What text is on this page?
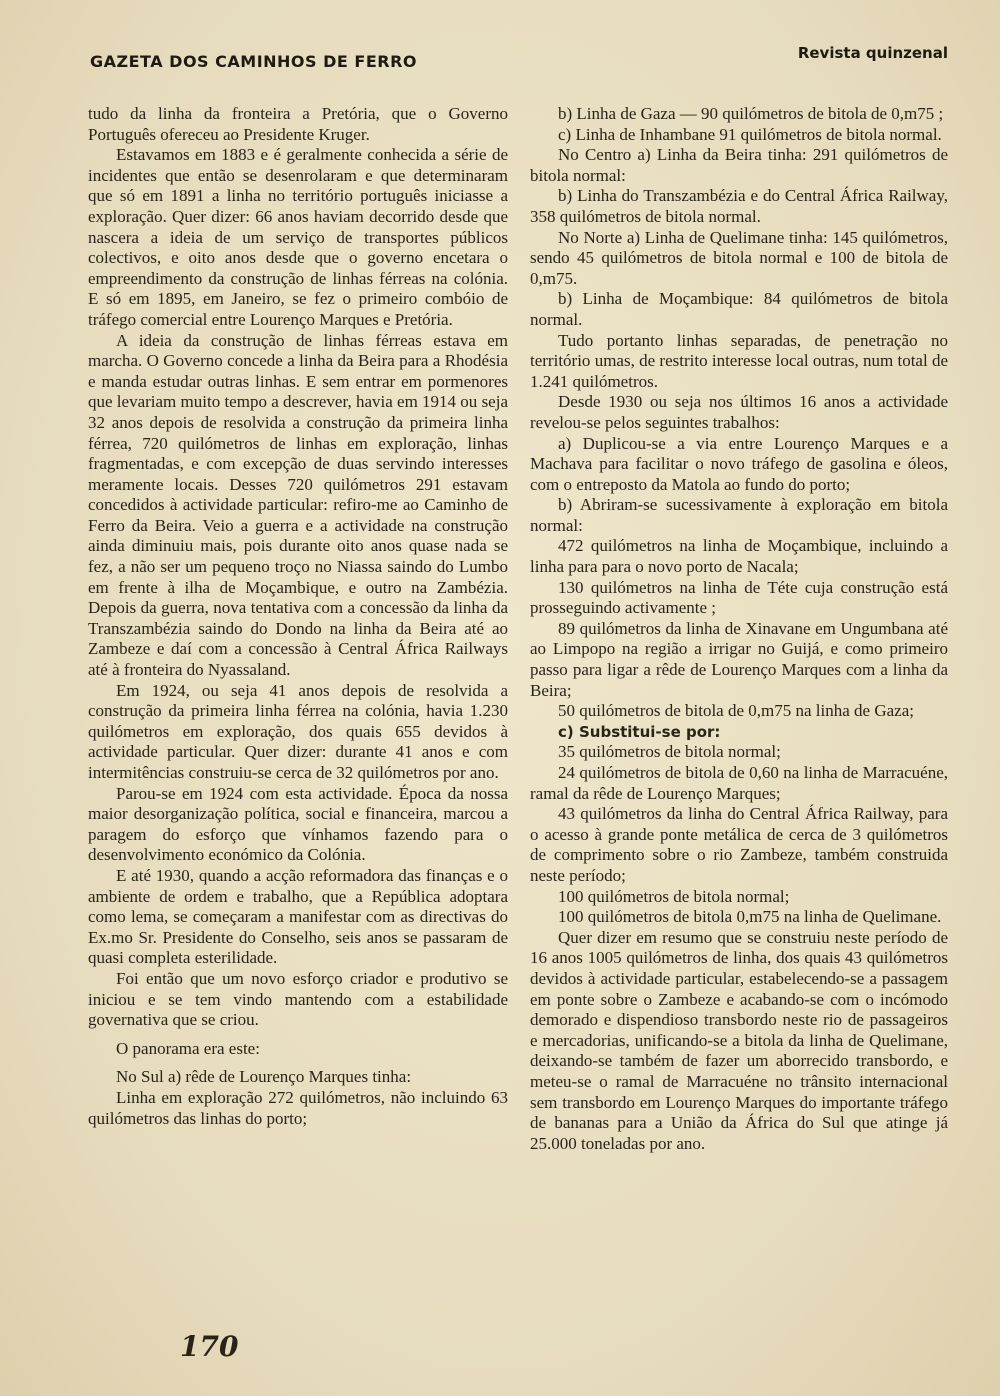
GAZETA DOS CAMINHOS DE FERRO	Revista quinzenal

tudo da linha da fronteira a Pretória, que o Governo Português ofereceu ao Presidente Kruger.

Estavamos em 1883 e é geralmente conhecida a série de incidentes que então se desenrolaram e que determinaram que só em 1891 a linha no território português iniciasse a exploração. Quer dizer: 66 anos haviam decorrido desde que nascera a ideia de um serviço de transportes públicos colectivos, e oito anos desde que o governo encetara o empreendimento da construção de linhas férreas na colónia. E só em 1895, em Janeiro, se fez o primeiro combóio de tráfego comercial entre Lourenço Marques e Pretória.

A ideia da construção de linhas férreas estava em marcha. O Governo concede a linha da Beira para a Rhodésia e manda estudar outras linhas. E sem entrar em pormenores que levariam muito tempo a descrever, havia em 1914 ou seja 32 anos depois de resolvida a construção da primeira linha férrea, 720 quilómetros de linhas em exploração, linhas fragmentadas, e com excepção de duas servindo interesses meramente locais. Desses 720 quilómetros 291 estavam concedidos à actividade particular: refiro-me ao Caminho de Ferro da Beira. Veio a guerra e a actividade na construção ainda diminuiu mais, pois durante oito anos quase nada se fez, a não ser um pequeno troço no Niassa saindo do Lumbo em frente à ilha de Moçambique, e outro na Zambézia. Depois da guerra, nova tentativa com a concessão da linha da Transzambézia saindo do Dondo na linha da Beira até ao Zambeze e daí com a concessão à Central África Railways até à fronteira do Nyassaland.

Em 1924, ou seja 41 anos depois de resolvida a construção da primeira linha férrea na colónia, havia 1.230 quilómetros em exploração, dos quais 655 devidos à actividade particular. Quer dizer: durante 41 anos e com intermitências construiu-se cerca de 32 quilómetros por ano.

Parou-se em 1924 com esta actividade. Época da nossa maior desorganização política, social e financeira, marcou a paragem do esforço que vínhamos fazendo para o desenvolvimento económico da Colónia.

E até 1930, quando a acção reformadora das finanças e o ambiente de ordem e trabalho, que a República adoptara como lema, se começaram a manifestar com as directivas do Ex.mo Sr. Presidente do Conselho, seis anos se passaram de quasi completa esterilidade.

Foi então que um novo esforço criador e produtivo se iniciou e se tem vindo mantendo com a estabilidade governativa que se criou.

O panorama era este:

No Sul a) rêde de Lourenço Marques tinha:

Linha em exploração 272 quilómetros, não incluindo 63 quilómetros das linhas do porto;

b) Linha de Gaza — 90 quilómetros de bitola de 0,m75 ;

c) Linha de Inhambane 91 quilómetros de bitola normal.

No Centro a) Linha da Beira tinha: 291 quilómetros de bitola normal:

b) Linha do Transzambézia e do Central África Railway, 358 quilómetros de bitola normal.

No Norte a) Linha de Quelimane tinha: 145 quilómetros, sendo 45 quilómetros de bitola normal e 100 de bitola de 0,m75.

b) Linha de Moçambique: 84 quilómetros de bitola normal.

Tudo portanto linhas separadas, de penetração no território umas, de restrito interesse local outras, num total de 1.241 quilómetros.

Desde 1930 ou seja nos últimos 16 anos a actividade revelou-se pelos seguintes trabalhos:

a) Duplicou-se a via entre Lourenço Marques e a Machava para facilitar o novo tráfego de gasolina e óleos, com o entreposto da Matola ao fundo do porto;

b) Abriram-se sucessivamente à exploração em bitola normal:

472 quilómetros na linha de Moçambique, incluindo a linha para para o novo porto de Nacala;

130 quilómetros na linha de Téte cuja construção está prosseguindo activamente ;

89 quilómetros da linha de Xinavane em Ungumbana até ao Limpopo na região a irrigar no Guijá, e como primeiro passo para ligar a rêde de Lourenço Marques com a linha da Beira;

50 quilómetros de bitola de 0,m75 na linha de Gaza;

c) Substitui-se por:

35 quilómetros de bitola normal;

24 quilómetros de bitola de 0,60 na linha de Marracuéne, ramal da rêde de Lourenço Marques;

43 quilómetros da linha do Central África Railway, para o acesso à grande ponte metálica de cerca de 3 quilómetros de comprimento sobre o rio Zambeze, também construida neste período;

100 quilómetros de bitola normal;

100 quilómetros de bitola 0,m75 na linha de Quelimane.

Quer dizer em resumo que se construiu neste período de 16 anos 1005 quilómetros de linha, dos quais 43 quilómetros devidos à actividade particular, estabelecendo-se a passagem em ponte sobre o Zambeze e acabando-se com o incómodo demorado e dispendioso transbordo neste rio de passageiros e mercadorias, unificando-se a bitola da linha de Quelimane, deixando-se também de fazer um aborrecido transbordo, e meteu-se o ramal de Marracuéne no trânsito internacional sem transbordo em Lourenço Marques do importante tráfego de bananas para a União da África do Sul que atinge já 25.000 toneladas por ano.

170
